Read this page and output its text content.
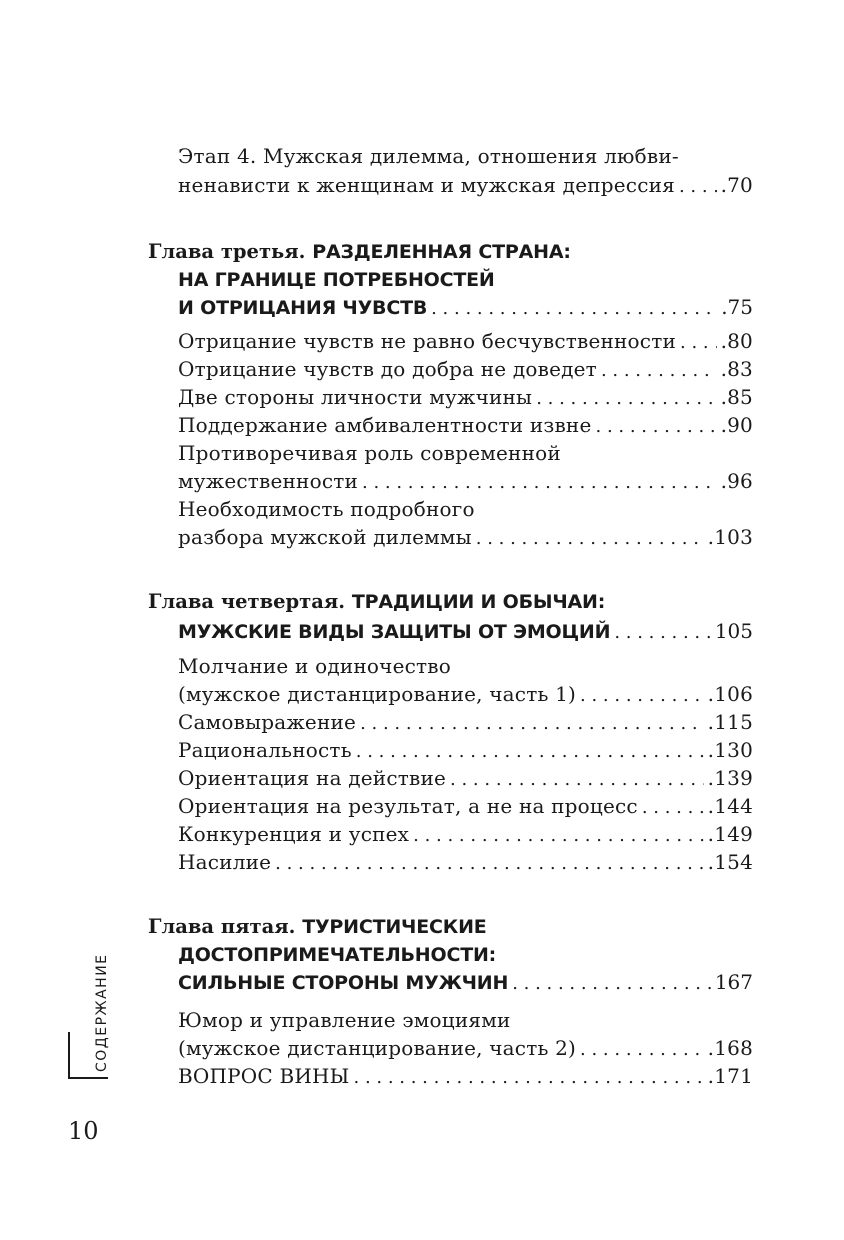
Этап 4. Мужская дилемма, отношения любви-
ненависти к женщинам и мужская депрессия . . . .70
Глава третья. РАЗДЕЛЕННАЯ СТРАНА:
НА ГРАНИЦЕ ПОТРЕБНОСТЕЙ
И ОТРИЦАНИЯ ЧУВСТВ . . .	.75
Отрицание чувств не равно бесчувственности . . . .80
Отрицание чувств до добра не доведет . . .	.83
Две стороны личности мужчины . . .	.85
Поддержание амбивалентности извне . . .	.90
Противоречивая роль современной
мужественности . . .	.96
Необходимость подробного
разбора мужской дилеммы . . .	.103
Глава четвертая. ТРАДИЦИИ И ОБЫЧАИ:
МУЖСКИЕ ВИДЫ ЗАЩИТЫ ОТ ЭМОЦИЙ . . .	105
Молчание и одиночество
(мужское дистанцирование, часть 1) . . .	.106
Самовыражение . . .	.115
Рациональность . . .	.130
Ориентация на действие . . .	.139
Ориентация на результат, а не на процесс . . .	.144
Конкуренция и успех . . .	.149
Насилие . . .	.154
Глава пятая. ТУРИСТИЧЕСКИЕ
ДОСТОПРИМЕЧАТЕЛЬНОСТИ:
СИЛЬНЫЕ СТОРОНЫ МУЖЧИН . . .	167
Юмор и управление эмоциями
(мужское дистанцирование, часть 2) . . .	.168
ВОПРОС ВИНЫ . . .	.171
СОДЕРЖАНИЕ
10
